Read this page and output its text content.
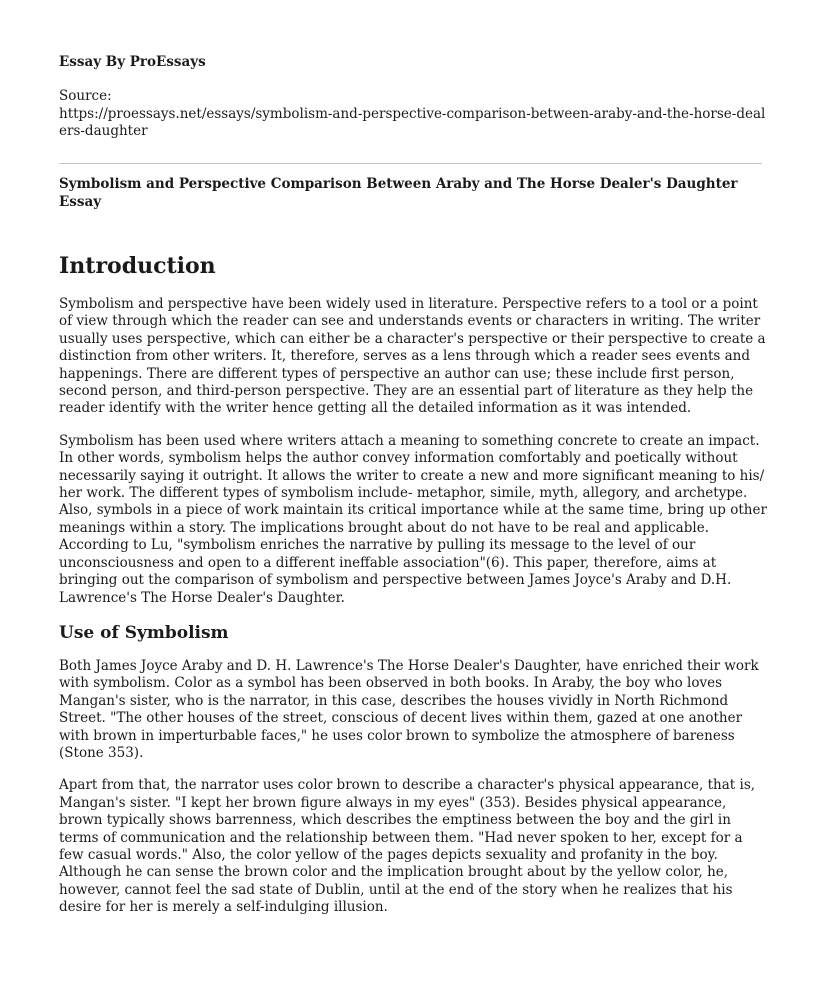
Essay By ProEssays

Source:
https://proessays.net/essays/symbolism-and-perspective-comparison-between-araby-and-the-horse-dealers-daughter

Symbolism and Perspective Comparison Between Araby and The Horse Dealer's Daughter Essay

Introduction

Symbolism and perspective have been widely used in literature. Perspective refers to a tool or a point of view through which the reader can see and understands events or characters in writing. The writer usually uses perspective, which can either be a character's perspective or their perspective to create a distinction from other writers. It, therefore, serves as a lens through which a reader sees events and happenings. There are different types of perspective an author can use; these include first person, second person, and third-person perspective. They are an essential part of literature as they help the reader identify with the writer hence getting all the detailed information as it was intended.

Symbolism has been used where writers attach a meaning to something concrete to create an impact. In other words, symbolism helps the author convey information comfortably and poetically without necessarily saying it outright. It allows the writer to create a new and more significant meaning to his/ her work. The different types of symbolism include- metaphor, simile, myth, allegory, and archetype. Also, symbols in a piece of work maintain its critical importance while at the same time, bring up other meanings within a story. The implications brought about do not have to be real and applicable. According to Lu, "symbolism enriches the narrative by pulling its message to the level of our unconsciousness and open to a different ineffable association"(6). This paper, therefore, aims at bringing out the comparison of symbolism and perspective between James Joyce's Araby and D.H. Lawrence's The Horse Dealer's Daughter.

Use of Symbolism

Both James Joyce Araby and D. H. Lawrence's The Horse Dealer's Daughter, have enriched their work with symbolism. Color as a symbol has been observed in both books. In Araby, the boy who loves Mangan's sister, who is the narrator, in this case, describes the houses vividly in North Richmond Street. "The other houses of the street, conscious of decent lives within them, gazed at one another with brown in imperturbable faces," he uses color brown to symbolize the atmosphere of bareness (Stone 353).

Apart from that, the narrator uses color brown to describe a character's physical appearance, that is, Mangan's sister. "I kept her brown figure always in my eyes" (353). Besides physical appearance, brown typically shows barrenness, which describes the emptiness between the boy and the girl in terms of communication and the relationship between them. "Had never spoken to her, except for a few casual words." Also, the color yellow of the pages depicts sexuality and profanity in the boy. Although he can sense the brown color and the implication brought about by the yellow color, he, however, cannot feel the sad state of Dublin, until at the end of the story when he realizes that his desire for her is merely a self-indulging illusion.
